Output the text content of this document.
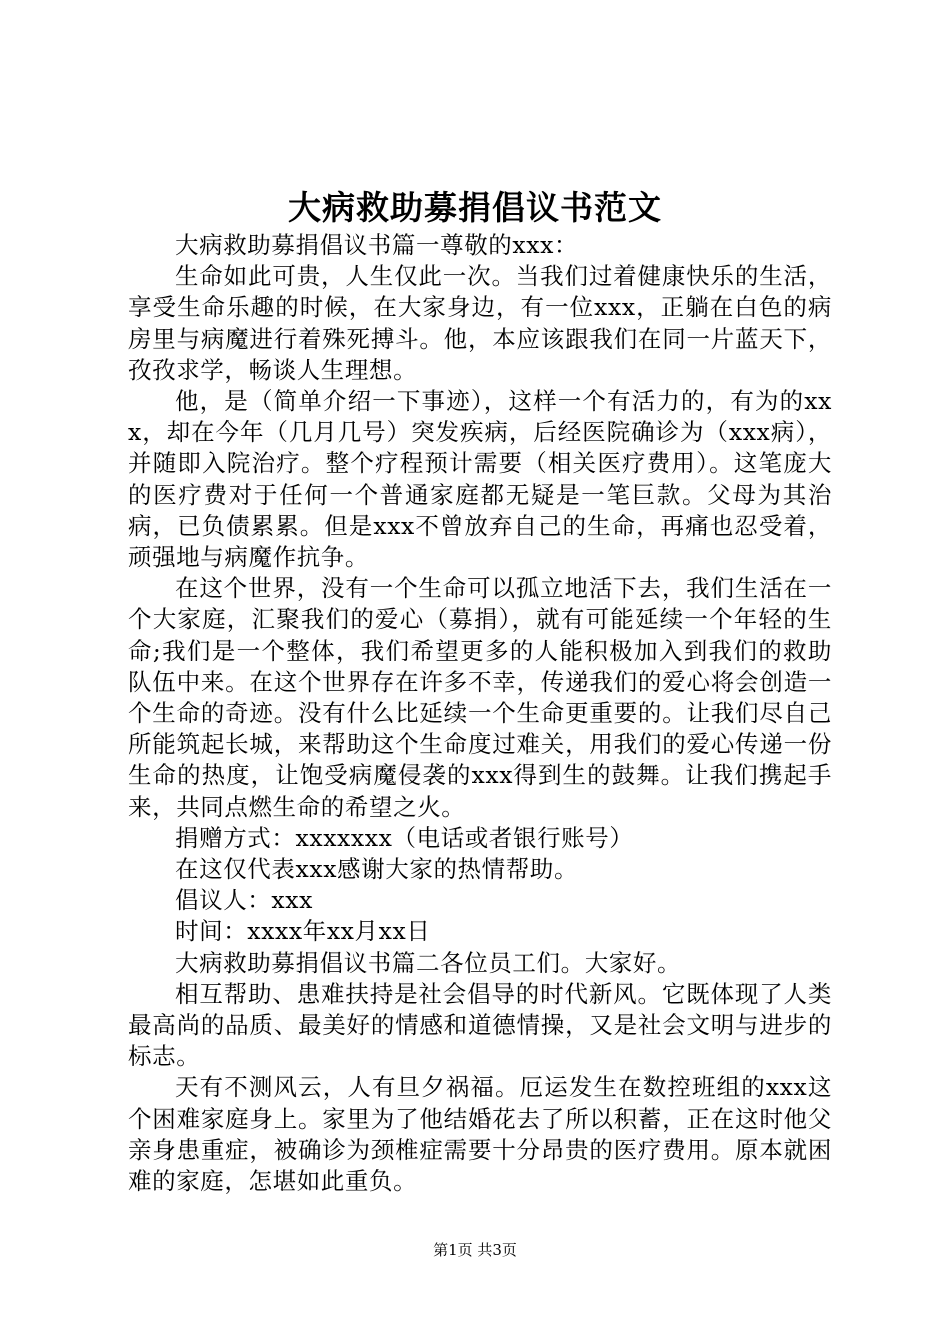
大病救助募捐倡议书范文

大病救助募捐倡议书篇一尊敬的xxx：

生命如此可贵，人生仅此一次。当我们过着健康快乐的生活，享受生命乐趣的时候，在大家身边，有一位xxx，正躺在白色的病房里与病魔进行着殊死搏斗。他，本应该跟我们在同一片蓝天下，孜孜求学，畅谈人生理想。

他，是（简单介绍一下事迹），这样一个有活力的，有为的xxx，却在今年（几月几号）突发疾病，后经医院确诊为（xxx病），并随即入院治疗。整个疗程预计需要（相关医疗费用）。这笔庞大的医疗费对于任何一个普通家庭都无疑是一笔巨款。父母为其治病，已负债累累。但是xxx不曾放弃自己的生命，再痛也忍受着，顽强地与病魔作抗争。

在这个世界，没有一个生命可以孤立地活下去，我们生活在一个大家庭，汇聚我们的爱心（募捐），就有可能延续一个年轻的生命;我们是一个整体，我们希望更多的人能积极加入到我们的救助队伍中来。在这个世界存在许多不幸，传递我们的爱心将会创造一个生命的奇迹。没有什么比延续一个生命更重要的。让我们尽自己所能筑起长城，来帮助这个生命度过难关，用我们的爱心传递一份生命的热度，让饱受病魔侵袭的xxx得到生的鼓舞。让我们携起手来，共同点燃生命的希望之火。

捐赠方式：xxxxxxx（电话或者银行账号）

在这仅代表xxx感谢大家的热情帮助。

倡议人：xxx

时间：xxxx年xx月xx日

大病救助募捐倡议书篇二各位员工们。大家好。

相互帮助、患难扶持是社会倡导的时代新风。它既体现了人类最高尚的品质、最美好的情感和道德情操，又是社会文明与进步的标志。

天有不测风云，人有旦夕祸福。厄运发生在数控班组的xxx这个困难家庭身上。家里为了他结婚花去了所以积蓄，正在这时他父亲身患重症，被确诊为颈椎症需要十分昂贵的医疗费用。原本就困难的家庭，怎堪如此重负。

第1页 共3页
